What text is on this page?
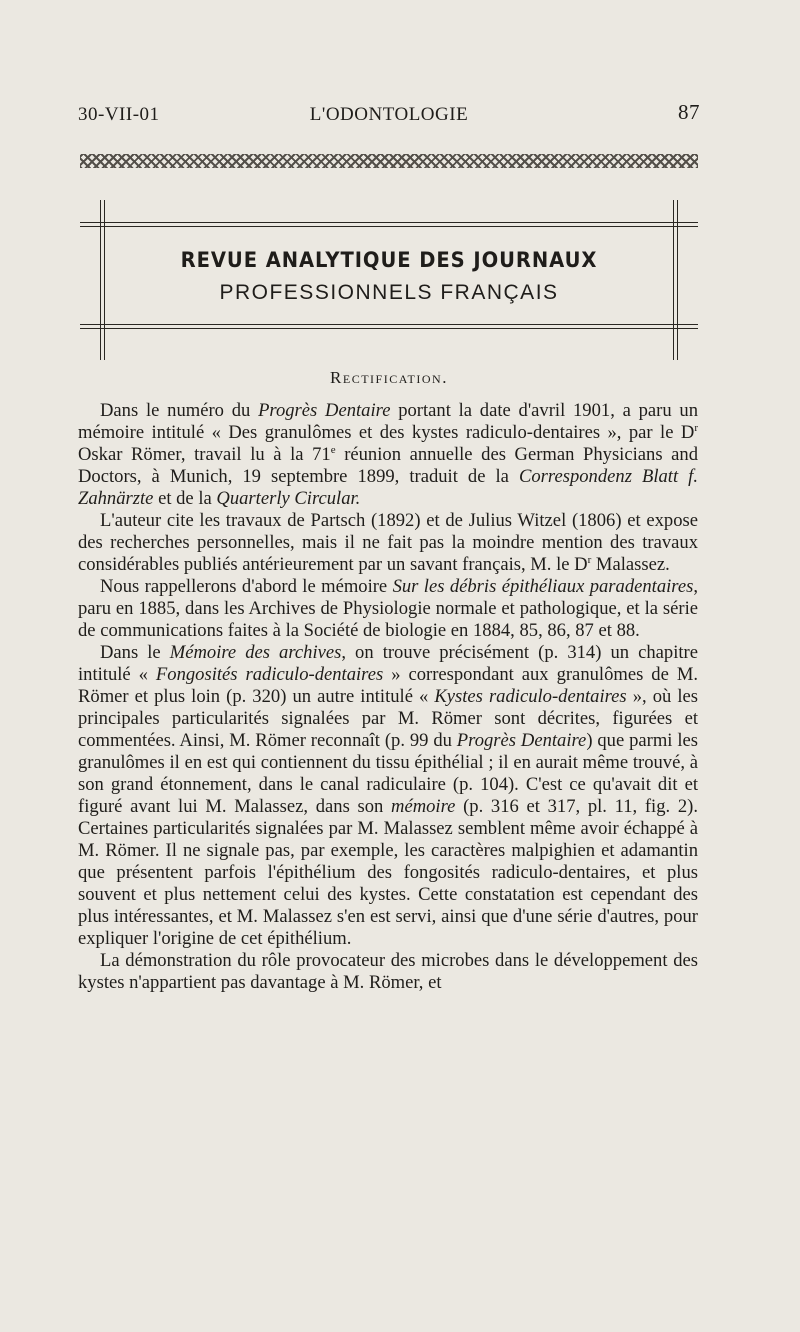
30-VII-01	L'ODONTOLOGIE	87
REVUE ANALYTIQUE DES JOURNAUX
PROFESSIONNELS FRANÇAIS
Rectification.

Dans le numéro du Progrès Dentaire portant la date d'avril 1901, a paru un mémoire intitulé « Des granulômes et des kystes radiculo-dentaires », par le $D^r$ Oskar Römer, travail lu à la 71e réunion annuelle des German Physicians and Doctors, à Munich, 19 septembre 1899, traduit de la Correspondenz Blatt f. Zahnärzte et de la Quarterly Circular.

L'auteur cite les travaux de Partsch (1892) et de Julius Witzel (1806) et expose des recherches personnelles, mais il ne fait pas la moindre mention des travaux considérables publiés antérieurement par un savant français, M. le $D^r$ Malassez.

Nous rappellerons d'abord le mémoire Sur les débris épithéliaux paradentaires, paru en 1885, dans les Archives de Physiologie normale et pathologique, et la série de communications faites à la Société de biologie en 1884, 85, 86, 87 et 88.

Dans le Mémoire des archives, on trouve précisément (p. 314) un chapitre intitulé « Fongosités radiculo-dentaires » correspondant aux granulômes de M. Römer et plus loin (p. 320) un autre intitulé « Kystes radiculo-dentaires », où les principales particularités signalées par M. Römer sont décrites, figurées et commentées. Ainsi, M. Römer reconnaît (p. 99 du Progrès Dentaire) que parmi les granulômes il en est qui contiennent du tissu épithélial ; il en aurait même trouvé, à son grand étonnement, dans le canal radiculaire (p. 104). C'est ce qu'avait dit et figuré avant lui M. Malassez, dans son mémoire (p. 316 et 317, pl. 11, fig. 2). Certaines particularités signalées par M. Malassez semblent même avoir échappé à M. Römer. Il ne signale pas, par exemple, les caractères malpighien et adamantin que présentent parfois l'épithélium des fongosités radiculo-dentaires, et plus souvent et plus nettement celui des kystes. Cette constatation est cependant des plus intéressantes, et M. Malassez s'en est servi, ainsi que d'une série d'autres, pour expliquer l'origine de cet épithélium.

La démonstration du rôle provocateur des microbes dans le développement des kystes n'appartient pas davantage à M. Römer, et
